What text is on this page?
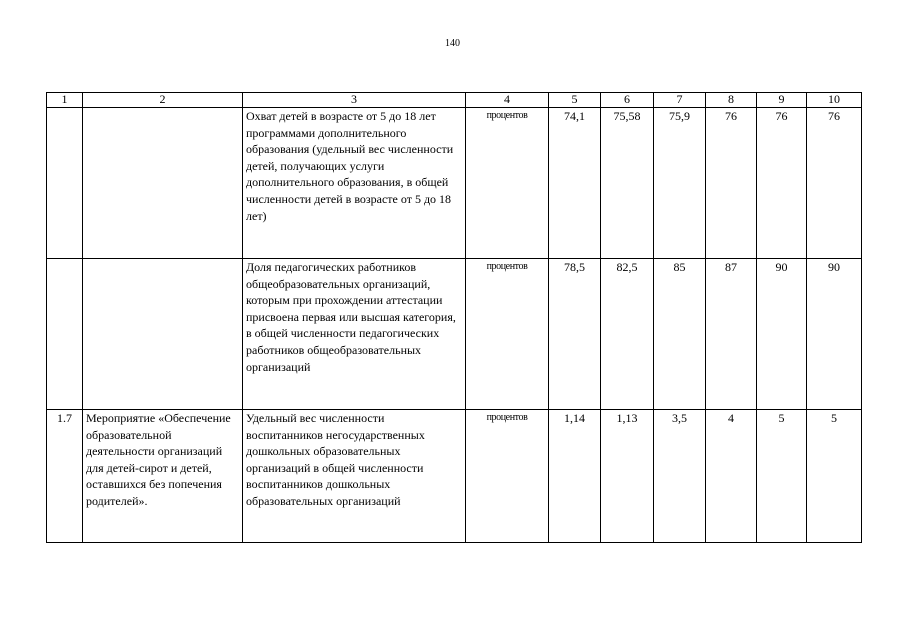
140
1	2	3	4	5	6	7	8	9	10
		Охват детей в возрасте от 5 до 18 лет программами дополнительного образования (удельный вес численности детей, получающих услуги дополнительного образования, в общей численности детей в возрасте от 5 до 18 лет)	процентов	74,1	75,58	75,9	76	76	76
		Доля педагогических работников общеобразовательных организаций, которым при прохождении аттестации присвоена первая или высшая категория, в общей численности педагогических работников общеобразовательных организаций	процентов	78,5	82,5	85	87	90	90
1.7	Мероприятие «Обеспечение образовательной деятельности организаций для детей-сирот и детей, оставшихся без попечения родителей».	Удельный вес численности воспитанников негосударственных дошкольных образовательных организаций в общей численности воспитанников дошкольных образовательных организаций	процентов	1,14	1,13	3,5	4	5	5
